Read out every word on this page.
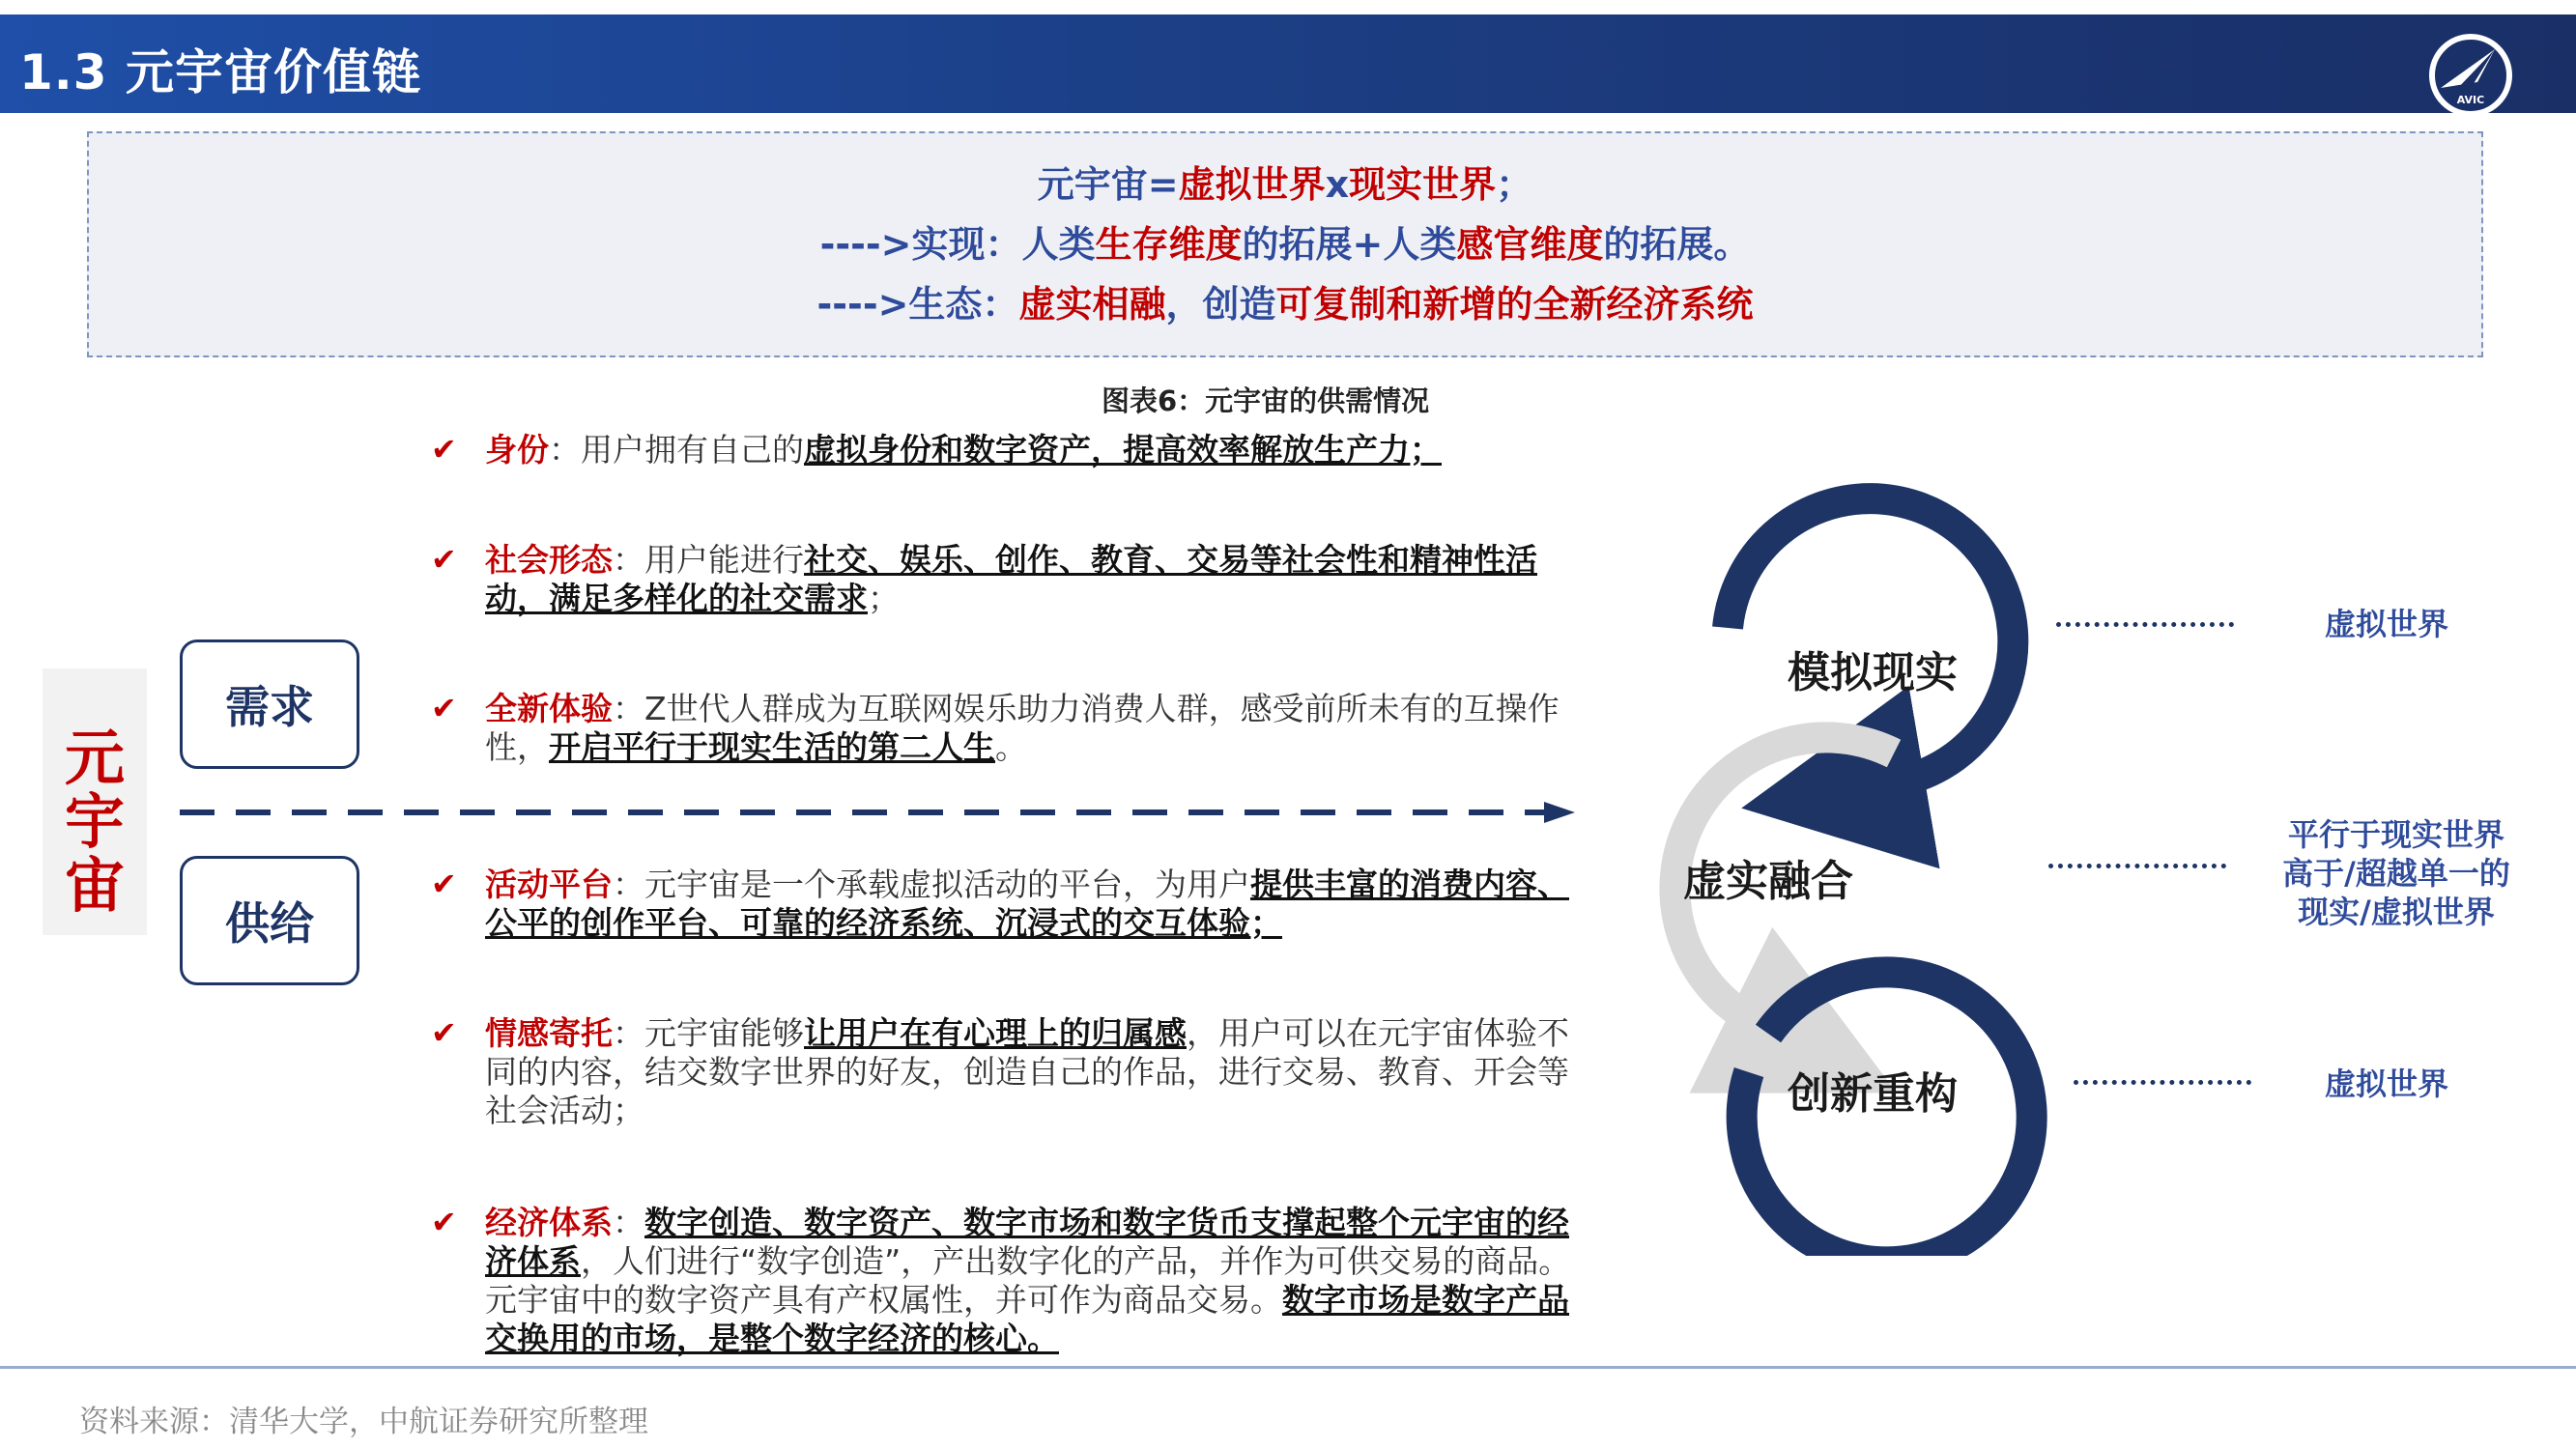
1.3 元宇宙价值链	AVIC
元宇宙=虚拟世界x现实世界；
---->实现：人类生存维度的拓展+人类感官维度的拓展。
---->生态：虚实相融，创造可复制和新增的全新经济系统
图表6：元宇宙的供需情况
元
宇
宙
需求
供给
✔ 身份：用户拥有自己的虚拟身份和数字资产，提高效率解放生产力；
✔ 社会形态：用户能进行社交、娱乐、创作、教育、交易等社会性和精神性活动，满足多样化的社交需求；
✔ 全新体验：Z世代人群成为互联网娱乐助力消费人群，感受前所未有的互操作性，开启平行于现实生活的第二人生。
✔ 活动平台：元宇宙是一个承载虚拟活动的平台，为用户提供丰富的消费内容、公平的创作平台、可靠的经济系统、沉浸式的交互体验；
✔ 情感寄托：元宇宙能够让用户在有心理上的归属感，用户可以在元宇宙体验不同的内容，结交数字世界的好友，创造自己的作品，进行交易、教育、开会等社会活动；
✔ 经济体系：数字创造、数字资产、数字市场和数字货币支撑起整个元宇宙的经济体系，人们进行“数字创造”，产出数字化的产品，并作为可供交易的商品。元宇宙中的数字资产具有产权属性，并可作为商品交易。数字市场是数字产品交换用的市场，是整个数字经济的核心。
模拟现实
虚实融合
创新重构
虚拟世界
平行于现实世界
高于/超越单一的
现实/虚拟世界
虚拟世界
资料来源：清华大学，中航证券研究所整理
